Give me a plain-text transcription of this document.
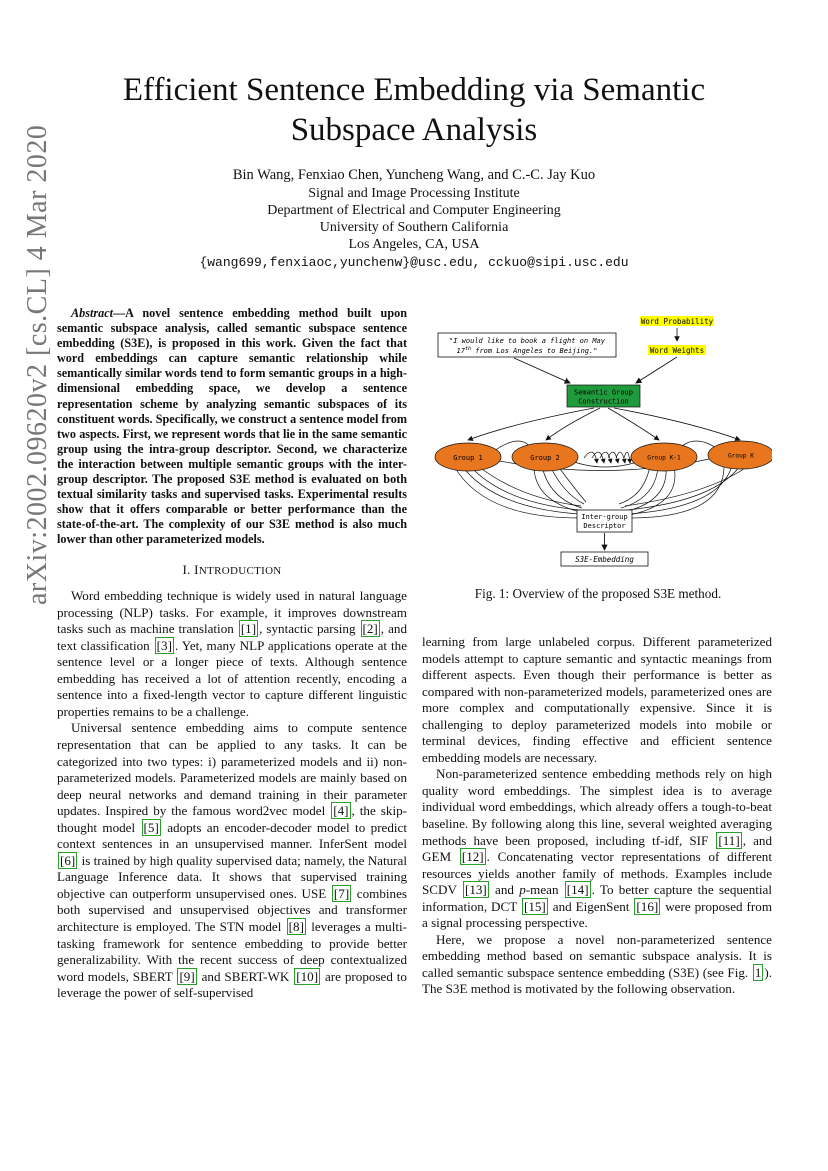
Efficient Sentence Embedding via Semantic
Subspace Analysis
Bin Wang, Fenxiao Chen, Yuncheng Wang, and C.-C. Jay Kuo
Signal and Image Processing Institute
Department of Electrical and Computer Engineering
University of Southern California
Los Angeles, CA, USA
{wang699,fenxiaoc,yunchenw}@usc.edu, cckuo@sipi.usc.edu
arXiv:2002.09620v2 [cs.CL] 4 Mar 2020	Abstract—A novel sentence embedding method built upon semantic subspace analysis, called semantic subspace sentence embedding (S3E), is proposed in this work. Given the fact that word embeddings can capture semantic relationship while semantically similar words tend to form semantic groups in a high-dimensional embedding space, we develop a sentence representation scheme by analyzing semantic subspaces of its constituent words. Specifically, we construct a sentence model from two aspects. First, we represent words that lie in the same semantic group using the intra-group descriptor. Second, we characterize the interaction between multiple semantic groups with the inter-group descriptor. The proposed S3E method is evaluated on both textual similarity tasks and supervised tasks. Experimental results show that it offers comparable or better performance than the state-of-the-art. The complexity of our S3E method is also much lower than other parameterized models.

I. INTRODUCTION

Word embedding technique is widely used in natural language processing (NLP) tasks. For example, it improves downstream tasks such as machine translation [1] , syntactic parsing [2] , and text classification [3] . Yet, many NLP applications operate at the sentence level or a longer piece of texts. Although sentence embedding has received a lot of attention recently, encoding a sentence into a fixed-length vector to capture different linguistic properties remains to be a challenge.

Universal sentence embedding aims to compute sentence representation that can be applied to any tasks. It can be categorized into two types: i) parameterized models and ii) non-parameterized models. Parameterized models are mainly based on deep neural networks and demand training in their parameter updates. Inspired by the famous word2vec model [4] , the skip-thought model [5] adopts an encoder-decoder model to predict context sentences in an unsupervised manner. InferSent model [6] is trained by high quality supervised data; namely, the Natural Language Inference data. It shows that supervised training objective can outperform unsupervised ones. USE [7] combines both supervised and unsupervised objectives and transformer architecture is employed. The STN model [8] leverages a multi-tasking framework for sentence embedding to provide better generalizability. With the recent success of deep contextualized word models, SBERT [9] and SBERT-WK [10] are proposed to leverage the power of self-supervised

Word Probability
Word Weights
"I would like to book a flight on May
17th from Los Angeles to Beijing."
Semantic Group
Construction
Group 1	Group 2	Group K-1	Group K
Inter-group
Descriptor
S3E-Embedding
Fig. 1: Overview of the proposed S3E method.

learning from large unlabeled corpus. Different parameterized models attempt to capture semantic and syntactic meanings from different aspects. Even though their performance is better as compared with non-parameterized models, parameterized ones are more complex and computationally expensive. Since it is challenging to deploy parameterized models into mobile or terminal devices, finding effective and efficient sentence embedding models are necessary.

Non-parameterized sentence embedding methods rely on high quality word embeddings. The simplest idea is to average individual word embeddings, which already offers a tough-to-beat baseline. By following along this line, several weighted averaging methods have been proposed, including tf-idf, SIF [11] , and GEM [12] . Concatenating vector representations of different resources yields another family of methods. Examples include SCDV [13] and p-mean [14] . To better capture the sequential information, DCT [15] and EigenSent [16] were proposed from a signal processing perspective.

Here, we propose a novel non-parameterized sentence embedding method based on semantic subspace analysis. It is called semantic subspace sentence embedding (S3E) (see Fig. 1 ). The S3E method is motivated by the following observation.
